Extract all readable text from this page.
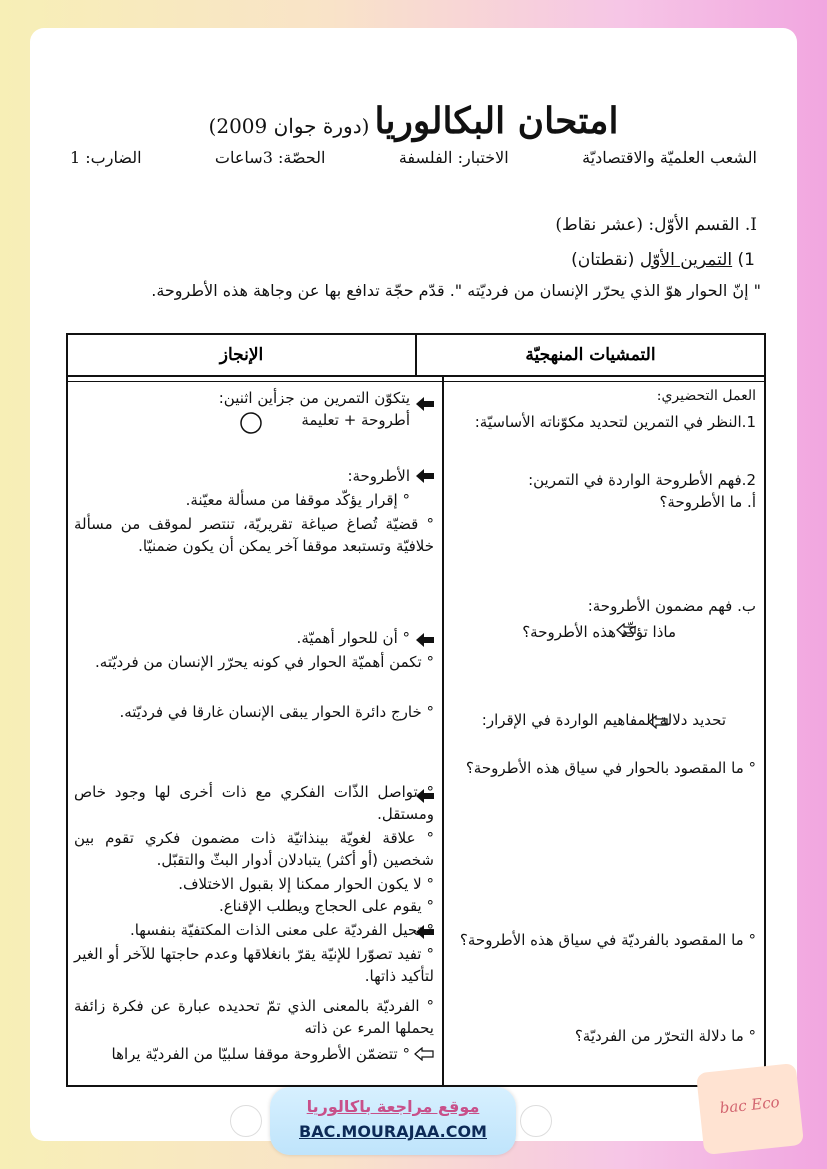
امتحان البكالوريا (دورة جوان 2009)
الشعب العلميّة والاقتصاديّة
الاختبار: الفلسفة
الحصّة: 3ساعات
الضارب: 1
I. القسم الأوّل: (عشر نقاط)
1) التمرين الأوّل (نقطتان)
" إنّ الحوار هوّ الذي يحرّر الإنسان من فرديّته ". قدّم حجّة تدافع بها عن وجاهة هذه الأطروحة.
التمشيات المنهجيّة
الإنجاز
العمل التحضيري:
1.النظر في التمرين لتحديد مكوّناته الأساسيّة:
2.فهم الأطروحة الواردة في التمرين:
أ. ما الأطروحة؟
ب. فهم مضمون الأطروحة:
ماذا تؤكّد هذه الأطروحة؟
تحديد دلالة المفاهيم الواردة في الإقرار:
° ما المقصود بالحوار في سياق هذه الأطروحة؟
° ما المقصود بالفرديّة في سياق هذه الأطروحة؟
° ما دلالة التحرّر من الفرديّة؟
يتكوّن التمرين من جزأين اثنين:
أطروحة + تعليمة
الأطروحة:
° إقرار يؤكّد موقفا من مسألة معيّنة.
° قضيّة تُصاغ صياغة تقريريّة، تنتصر لموقف من مسألة خلافيّة وتستبعد موقفا آخر يمكن أن يكون ضمنيّا.
° أن للحوار أهميّة.
° تكمن أهميّة الحوار في كونه يحرّر الإنسان من فرديّته.
° خارج دائرة الحوار يبقى الإنسان غارقا في فرديّته.
° تواصل الذّات الفكري مع ذات أخرى لها وجود خاص ومستقل.
° علاقة لغويّة بينذاتيّة ذات مضمون فكري تقوم بين شخصين (أو أكثر) يتبادلان أدوار البثّ والتقبّل.
° لا يكون الحوار ممكنا إلا بقبول الاختلاف.
° يقوم على الحجاج ويطلب الإقناع.
° تحيل الفرديّة على معنى الذات المكتفيّة بنفسها.
° تفيد تصوّرا للإنيّة يقرّ بانغلاقها وعدم حاجتها للآخر أو الغير لتأكيد ذاتها.
° الفرديّة بالمعنى الذي تمّ تحديده عبارة عن فكرة زائفة يحملها المرء عن ذاته
° تتضمّن الأطروحة موقفا سلبيّا من الفرديّة يراها
موقع مراجعة باكالوريا
BAC.MOURAJAA.COM
bac Eco
